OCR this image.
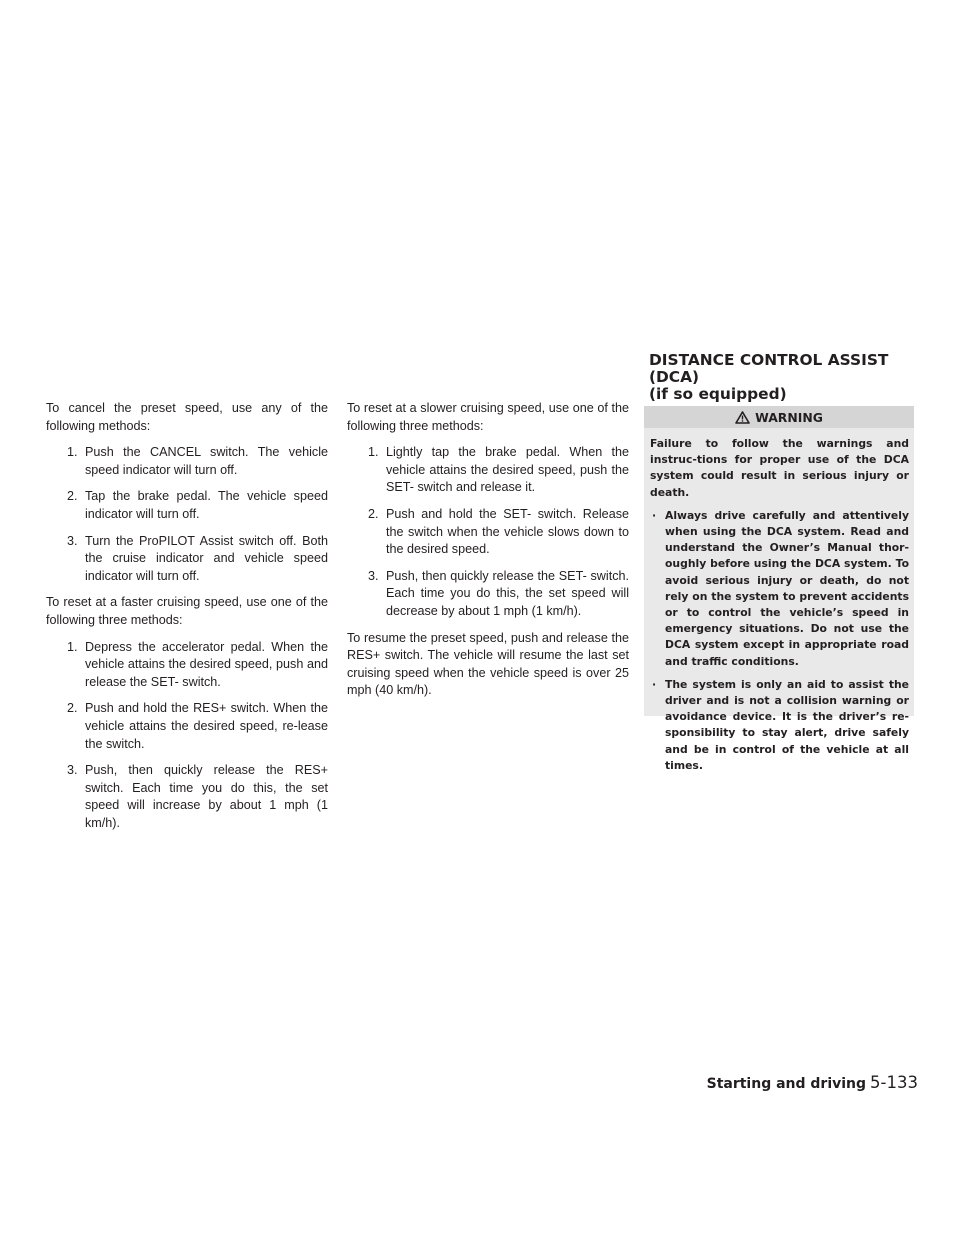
To cancel the preset speed, use any of the following methods:

1. Push the CANCEL switch. The vehicle speed indicator will turn off.
2. Tap the brake pedal. The vehicle speed indicator will turn off.
3. Turn the ProPILOT Assist switch off. Both the cruise indicator and vehicle speed indicator will turn off.

To reset at a faster cruising speed, use one of the following three methods:

1. Depress the accelerator pedal. When the vehicle attains the desired speed, push and release the SET- switch.
2. Push and hold the RES+ switch. When the vehicle attains the desired speed, re-lease the switch.
3. Push, then quickly release the RES+ switch. Each time you do this, the set speed will increase by about 1 mph (1 km/h).

To reset at a slower cruising speed, use one of the following three methods:

1. Lightly tap the brake pedal. When the vehicle attains the desired speed, push the SET- switch and release it.
2. Push and hold the SET- switch. Release the switch when the vehicle slows down to the desired speed.
3. Push, then quickly release the SET- switch. Each time you do this, the set speed will decrease by about 1 mph (1 km/h).

To resume the preset speed, push and release the RES+ switch. The vehicle will resume the last set cruising speed when the vehicle speed is over 25 mph (40 km/h).

DISTANCE CONTROL ASSIST (DCA)
(if so equipped)
WARNING

Failure to follow the warnings and instruc-tions for proper use of the DCA system could result in serious injury or death.

· Always drive carefully and attentively when using the DCA system. Read and understand the Owner’s Manual thor-oughly before using the DCA system. To avoid serious injury or death, do not rely on the system to prevent accidents or to control the vehicle’s speed in emergency situations. Do not use the DCA system except in appropriate road and traffic conditions.
· The system is only an aid to assist the driver and is not a collision warning or avoidance device. It is the driver’s re-sponsibility to stay alert, drive safely and be in control of the vehicle at all times.
Starting and driving 5-133
